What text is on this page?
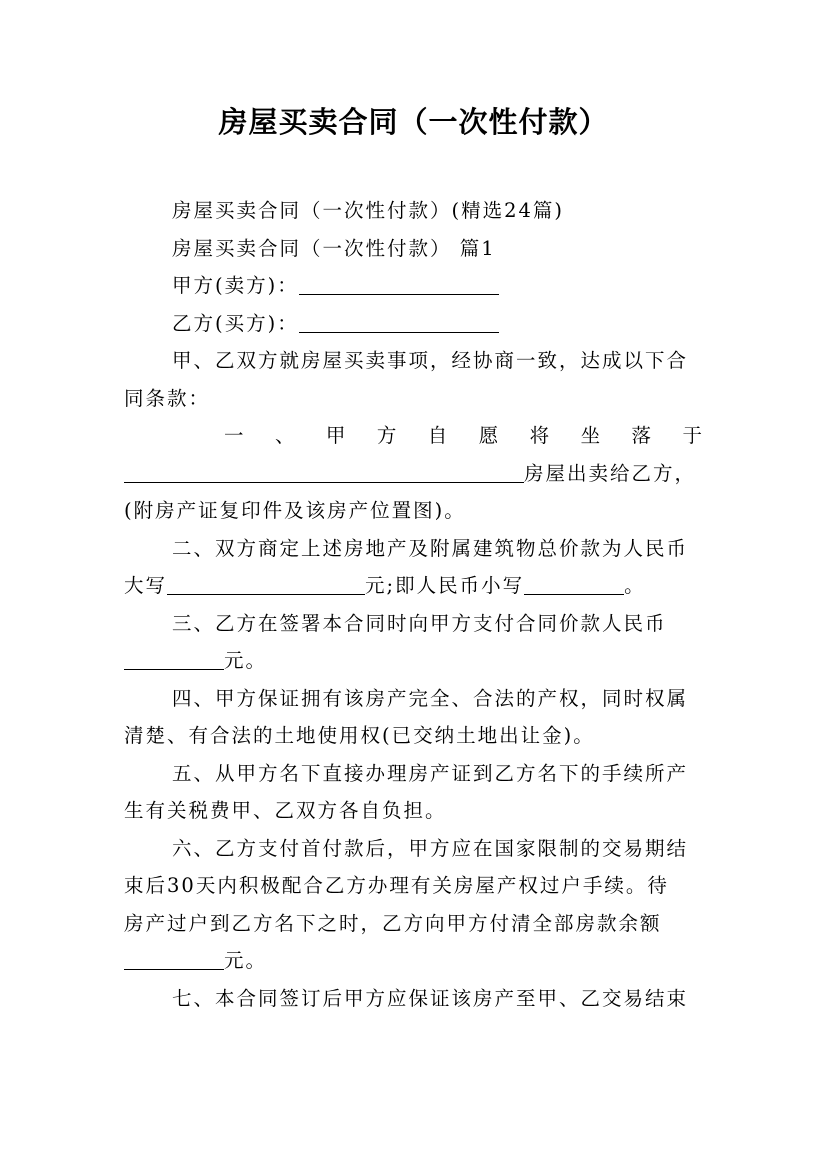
房屋买卖合同（一次性付款）
房屋买卖合同（一次性付款）(精选24篇)
房屋买卖合同（一次性付款） 篇1
甲方(卖方)：
乙方(买方)：
甲、乙双方就房屋买卖事项，经协商一致，达成以下合
同条款：
一 、 甲 方 自 愿 将 坐 落 于
房屋出卖给乙方，
(附房产证复印件及该房产位置图)。
二、双方商定上述房地产及附属建筑物总价款为人民币
大写	元;即人民币小写	。
三、乙方在签署本合同时向甲方支付合同价款人民币
元。
四、甲方保证拥有该房产完全、合法的产权，同时权属
清楚、有合法的土地使用权(已交纳土地出让金)。
五、从甲方名下直接办理房产证到乙方名下的手续所产
生有关税费甲、乙双方各自负担。
六、乙方支付首付款后，甲方应在国家限制的交易期结
束后30天内积极配合乙方办理有关房屋产权过户手续。待
房产过户到乙方名下之时，乙方向甲方付清全部房款余额
元。
七、本合同签订后甲方应保证该房产至甲、乙交易结束
